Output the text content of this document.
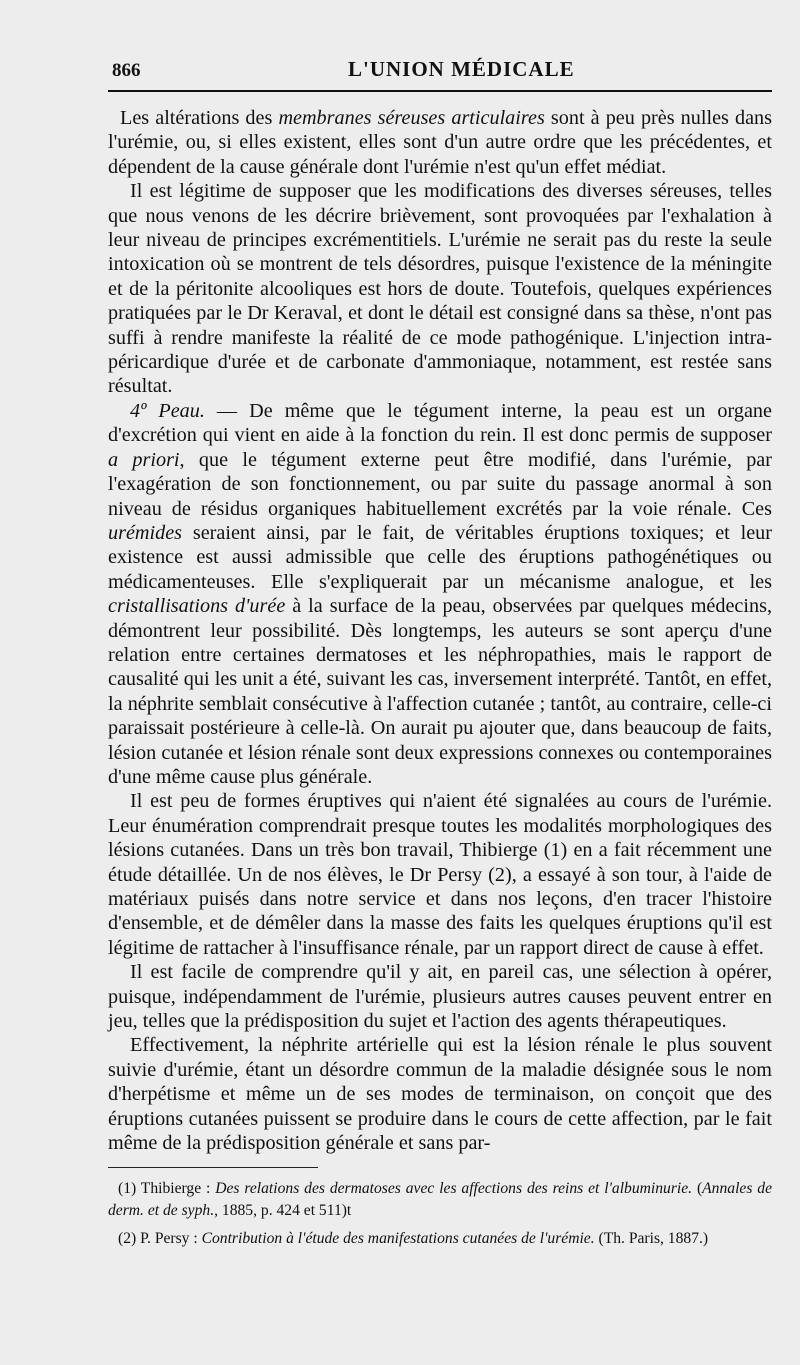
866	L'UNION MÉDICALE

Les altérations des membranes séreuses articulaires sont à peu près nulles dans l'urémie, ou, si elles existent, elles sont d'un autre ordre que les précédentes, et dépendent de la cause générale dont l'urémie n'est qu'un effet médiat.

Il est légitime de supposer que les modifications des diverses séreuses, telles que nous venons de les décrire brièvement, sont provoquées par l'exhalation à leur niveau de principes excrémentitiels. L'urémie ne serait pas du reste la seule intoxication où se montrent de tels désordres, puisque l'existence de la méningite et de la péritonite alcooliques est hors de doute. Toutefois, quelques expériences pratiquées par le Dr Keraval, et dont le détail est consigné dans sa thèse, n'ont pas suffi à rendre manifeste la réalité de ce mode pathogénique. L'injection intra-péricardique d'urée et de carbonate d'ammoniaque, notamment, est restée sans résultat.

4º Peau. — De même que le tégument interne, la peau est un organe d'excrétion qui vient en aide à la fonction du rein. Il est donc permis de supposer a priori, que le tégument externe peut être modifié, dans l'urémie, par l'exagération de son fonctionnement, ou par suite du passage anormal à son niveau de résidus organiques habituellement excrétés par la voie rénale. Ces urémides seraient ainsi, par le fait, de véritables éruptions toxiques; et leur existence est aussi admissible que celle des éruptions pathogénétiques ou médicamenteuses. Elle s'expliquerait par un mécanisme analogue, et les cristallisations d'urée à la surface de la peau, observées par quelques médecins, démontrent leur possibilité. Dès longtemps, les auteurs se sont aperçu d'une relation entre certaines dermatoses et les néphropathies, mais le rapport de causalité qui les unit a été, suivant les cas, inversement interprété. Tantôt, en effet, la néphrite semblait consécutive à l'affection cutanée ; tantôt, au contraire, celle-ci paraissait postérieure à celle-là. On aurait pu ajouter que, dans beaucoup de faits, lésion cutanée et lésion rénale sont deux expressions connexes ou contemporaines d'une même cause plus générale.

Il est peu de formes éruptives qui n'aient été signalées au cours de l'urémie. Leur énumération comprendrait presque toutes les modalités morphologiques des lésions cutanées. Dans un très bon travail, Thibierge (1) en a fait récemment une étude détaillée. Un de nos élèves, le Dr Persy (2), a essayé à son tour, à l'aide de matériaux puisés dans notre service et dans nos leçons, d'en tracer l'histoire d'ensemble, et de démêler dans la masse des faits les quelques éruptions qu'il est légitime de rattacher à l'insuffisance rénale, par un rapport direct de cause à effet.

Il est facile de comprendre qu'il y ait, en pareil cas, une sélection à opérer, puisque, indépendamment de l'urémie, plusieurs autres causes peuvent entrer en jeu, telles que la prédisposition du sujet et l'action des agents thérapeutiques.

Effectivement, la néphrite artérielle qui est la lésion rénale le plus souvent suivie d'urémie, étant un désordre commun de la maladie désignée sous le nom d'herpétisme et même un de ses modes de terminaison, on conçoit que des éruptions cutanées puissent se produire dans le cours de cette affection, par le fait même de la prédisposition générale et sans par-

(1) Thibierge : Des relations des dermatoses avec les affections des reins et l'albuminurie. (Annales de derm. et de syph., 1885, p. 424 et 511)t

(2) P. Persy : Contribution à l'étude des manifestations cutanées de l'urémie. (Th. Paris, 1887.)
